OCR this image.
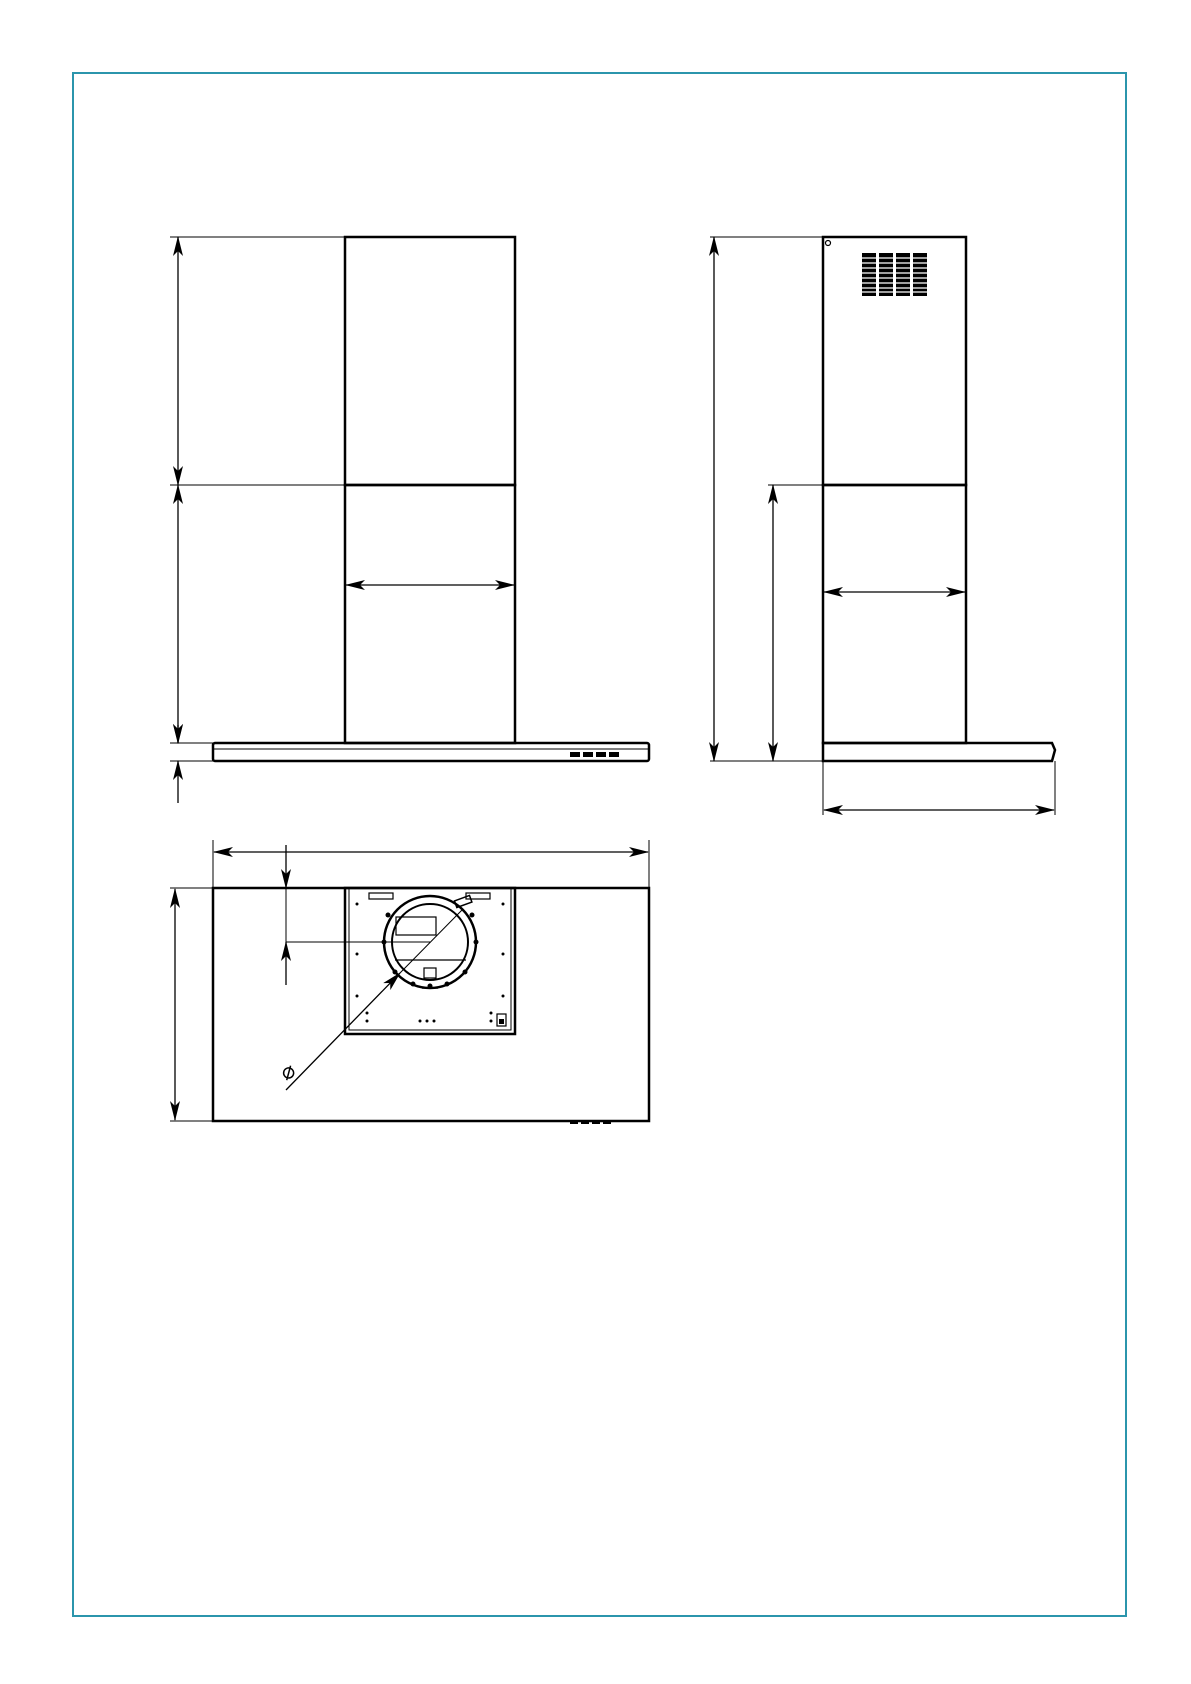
⌀
